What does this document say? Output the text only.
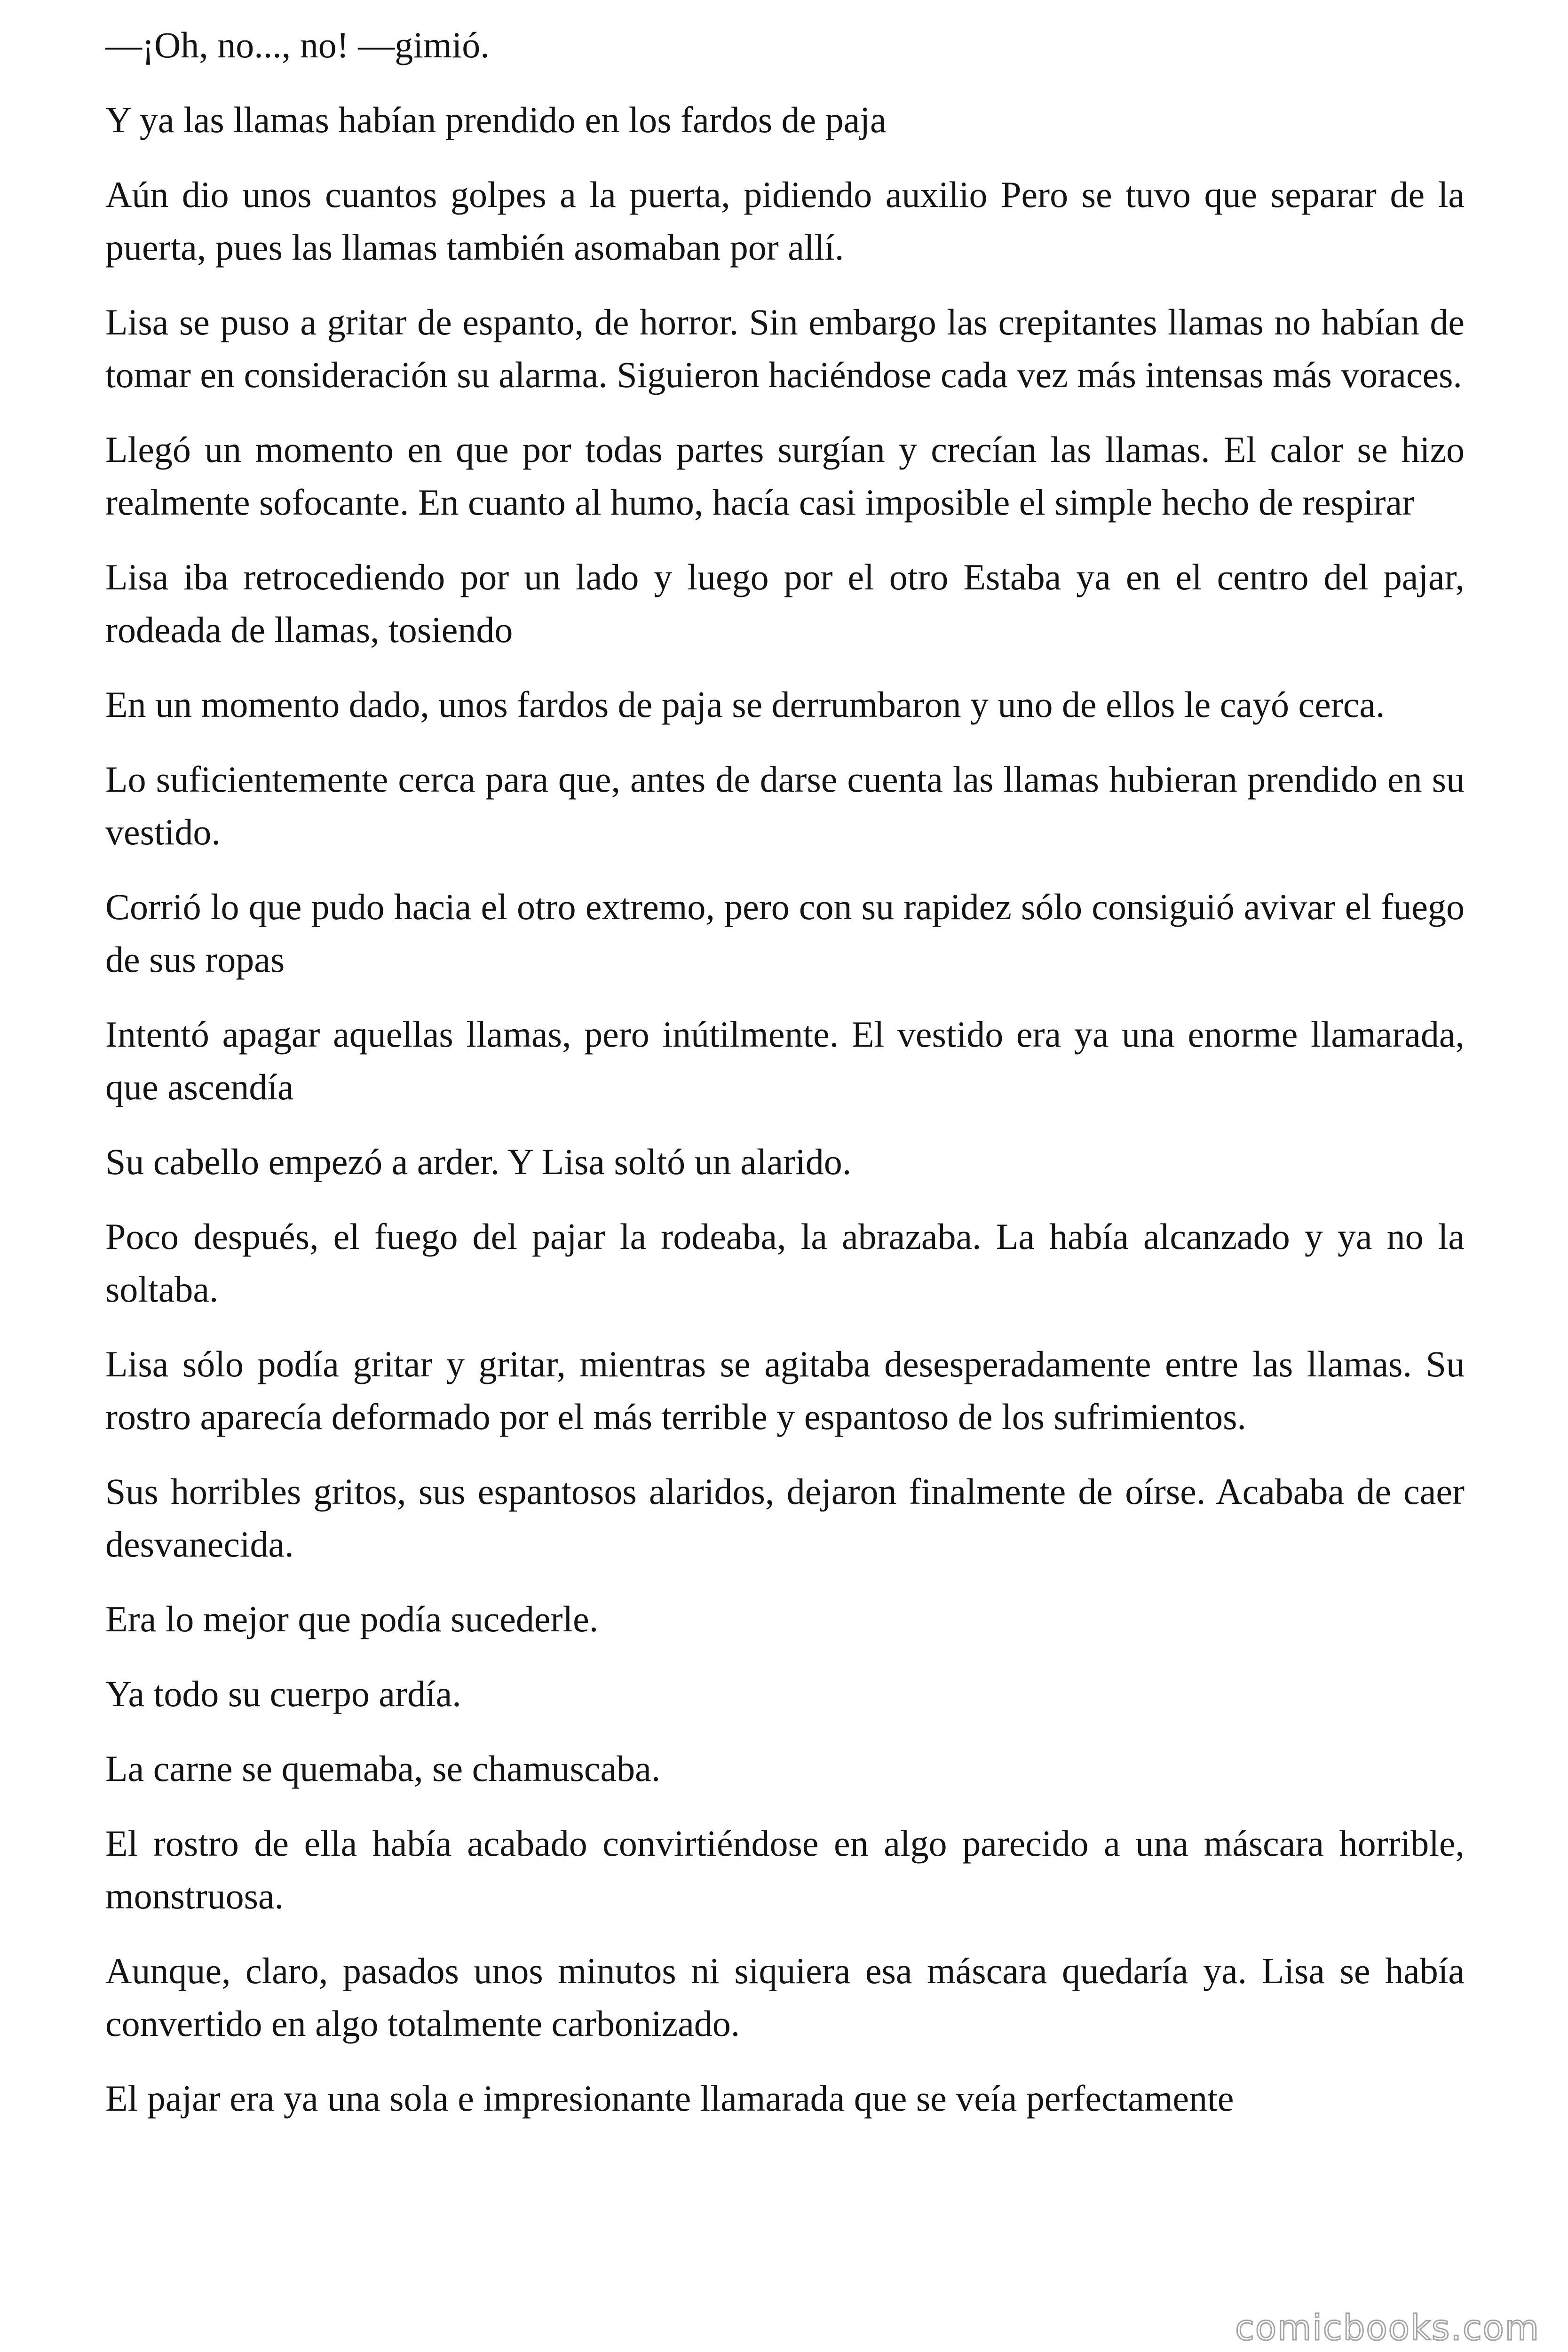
—¡Oh, no..., no! —gimió.

Y ya las llamas habían prendido en los fardos de paja

Aún dio unos cuantos golpes a la puerta, pidiendo auxilio Pero se tuvo que separar de la puerta, pues las llamas también asomaban por allí.

Lisa se puso a gritar de espanto, de horror. Sin embargo las crepitantes llamas no habían de tomar en consideración su alarma. Siguieron haciéndose cada vez más intensas más voraces.

Llegó un momento en que por todas partes surgían y crecían las llamas. El calor se hizo realmente sofocante. En cuanto al humo, hacía casi imposible el simple hecho de respirar

Lisa iba retrocediendo por un lado y luego por el otro Estaba ya en el centro del pajar, rodeada de llamas, tosiendo

En un momento dado, unos fardos de paja se derrumbaron y uno de ellos le cayó cerca.

Lo suficientemente cerca para que, antes de darse cuenta las llamas hubieran prendido en su vestido.

Corrió lo que pudo hacia el otro extremo, pero con su rapidez sólo consiguió avivar el fuego de sus ropas

Intentó apagar aquellas llamas, pero inútilmente. El vestido era ya una enorme llamarada, que ascendía

Su cabello empezó a arder. Y Lisa soltó un alarido.

Poco después, el fuego del pajar la rodeaba, la abrazaba. La había alcanzado y ya no la soltaba.

Lisa sólo podía gritar y gritar, mientras se agitaba desesperadamente entre las llamas. Su rostro aparecía deformado por el más terrible y espantoso de los sufrimientos.

Sus horribles gritos, sus espantosos alaridos, dejaron finalmente de oírse. Acababa de caer desvanecida.

Era lo mejor que podía sucederle.

Ya todo su cuerpo ardía.

La carne se quemaba, se chamuscaba.

El rostro de ella había acabado convirtiéndose en algo parecido a una máscara horrible, monstruosa.

Aunque, claro, pasados unos minutos ni siquiera esa máscara quedaría ya. Lisa se había convertido en algo totalmente carbonizado.

El pajar era ya una sola e impresionante llamarada que se veía perfectamente

comicbooks.com
